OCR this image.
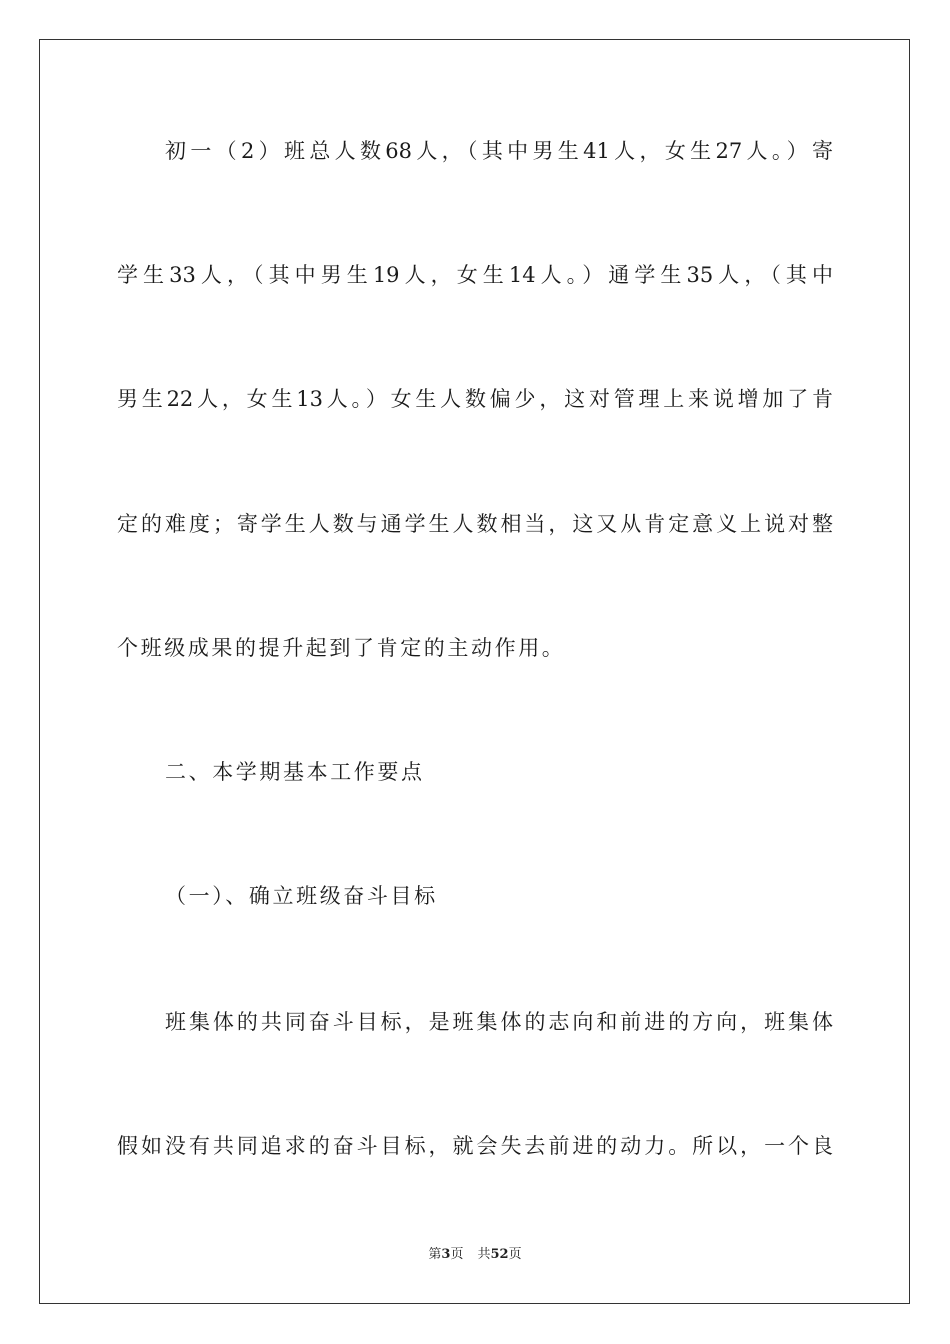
初一（2）班总人数68人，（其中男生41人，女生27人。）寄
学生33人，（其中男生19人，女生14人。）通学生35人，（其中
男生22人，女生13人。）女生人数偏少，这对管理上来说增加了肯
定的难度；寄学生人数与通学生人数相当，这又从肯定意义上说对整
个班级成果的提升起到了肯定的主动作用。
二、本学期基本工作要点
（一）、确立班级奋斗目标
班集体的共同奋斗目标，是班集体的志向和前进的方向，班集体
假如没有共同追求的奋斗目标，就会失去前进的动力。所以，一个良
第3页 共52页
